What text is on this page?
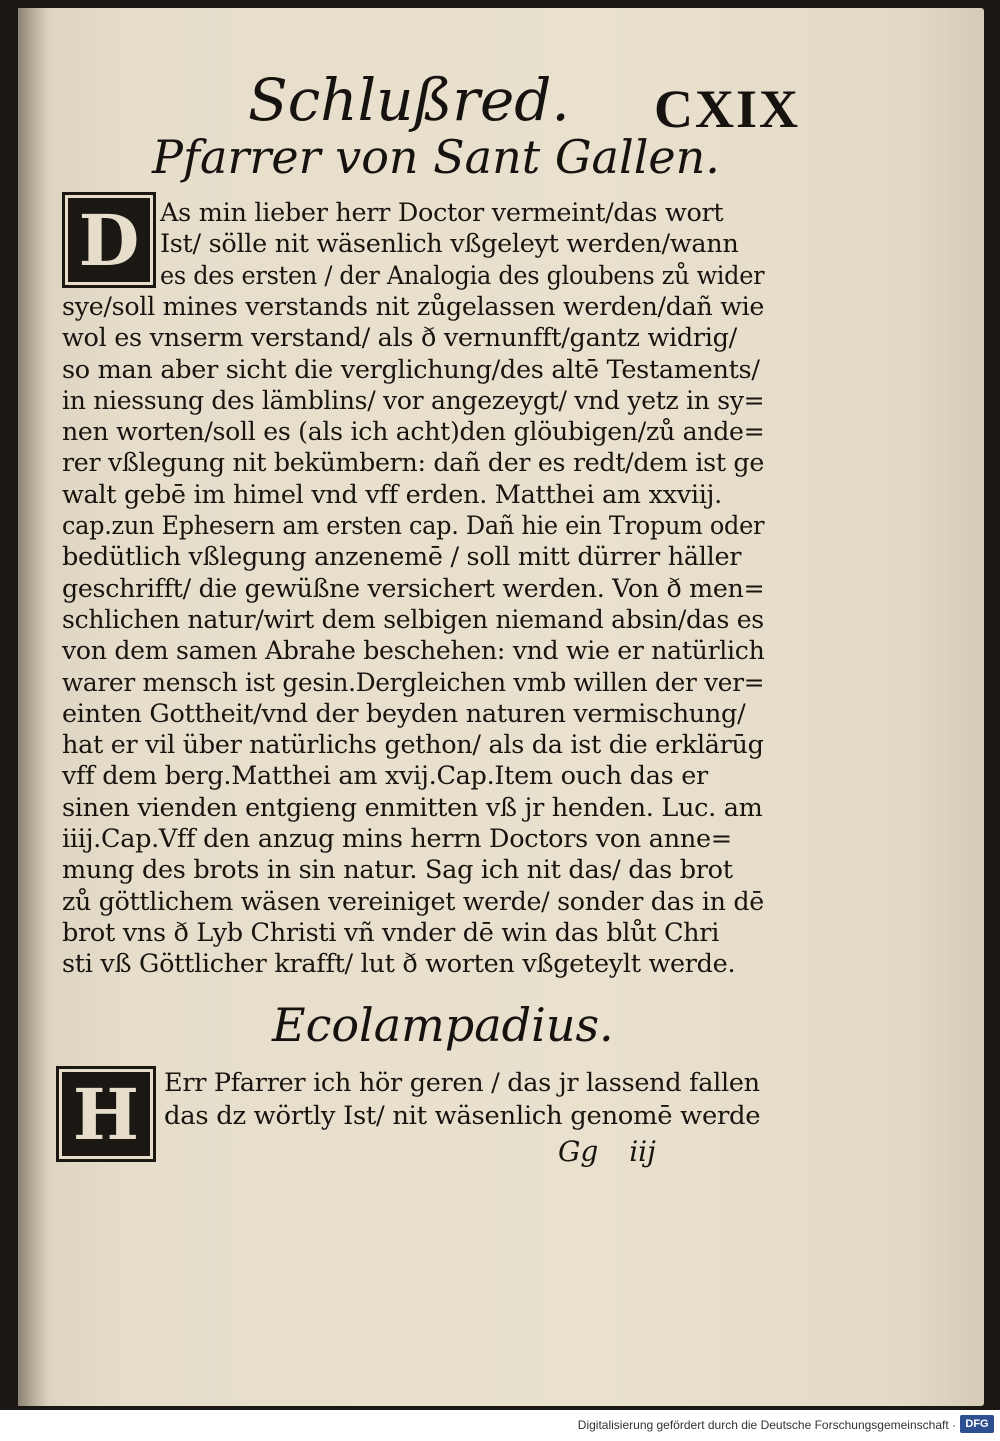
Schlußred. CXIX
Pfarrer von Sant Gallen.
D As min lieber herr Doctor vermeint/das wort
Ist/ sölle nit wäsenlich vßgeleyt werden/wann
es des ersten / der Analogia des gloubens zů wider
sye/soll mines verstands nit zůgelassen werden/dañ wie
wol es vnserm verstand/ als ð vernunfft/gantz widrig/
so man aber sicht die verglichung/des altē Testaments/
in niessung des lämblins/ vor angezeygt/ vnd yetz in sy=
nen worten/soll es (als ich acht)den glöubigen/zů ande=
rer vßlegung nit bekümbern: dañ der es redt/dem ist ge
walt gebē im himel vnd vff erden. Matthei am xxviij.
cap.zun Ephesern am ersten cap. Dañ hie ein Tropum oder
bedütlich vßlegung anzenemē / soll mitt dürrer häller
geschrifft/ die gewüßne versichert werden. Von ð men=
schlichen natur/wirt dem selbigen niemand absin/das es
von dem samen Abrahe beschehen: vnd wie er natürlich
warer mensch ist gesin.Dergleichen vmb willen der ver=
einten Gottheit/vnd der beyden naturen vermischung/
hat er vil über natürlichs gethon/ als da ist die erklärūg
vff dem berg.Matthei am xvij.Cap.Item ouch das er
sinen vienden entgieng enmitten vß jr henden. Luc. am
iiij.Cap.Vff den anzug mins herrn Doctors von anne=
mung des brots in sin natur. Sag ich nit das/ das brot
zů göttlichem wäsen vereiniget werde/ sonder das in dē
brot vns ð Lyb Christi vñ vnder dē win das blůt Chri
sti vß Göttlicher krafft/ lut ð worten vßgeteylt werde.
Ecolampadius.
H Err Pfarrer ich hör geren / das jr lassend fallen
das dz wörtly Ist/ nit wäsenlich genomē werde
Gg iij
Digitalisierung gefördert durch die Deutsche Forschungsgemeinschaft · DFG
